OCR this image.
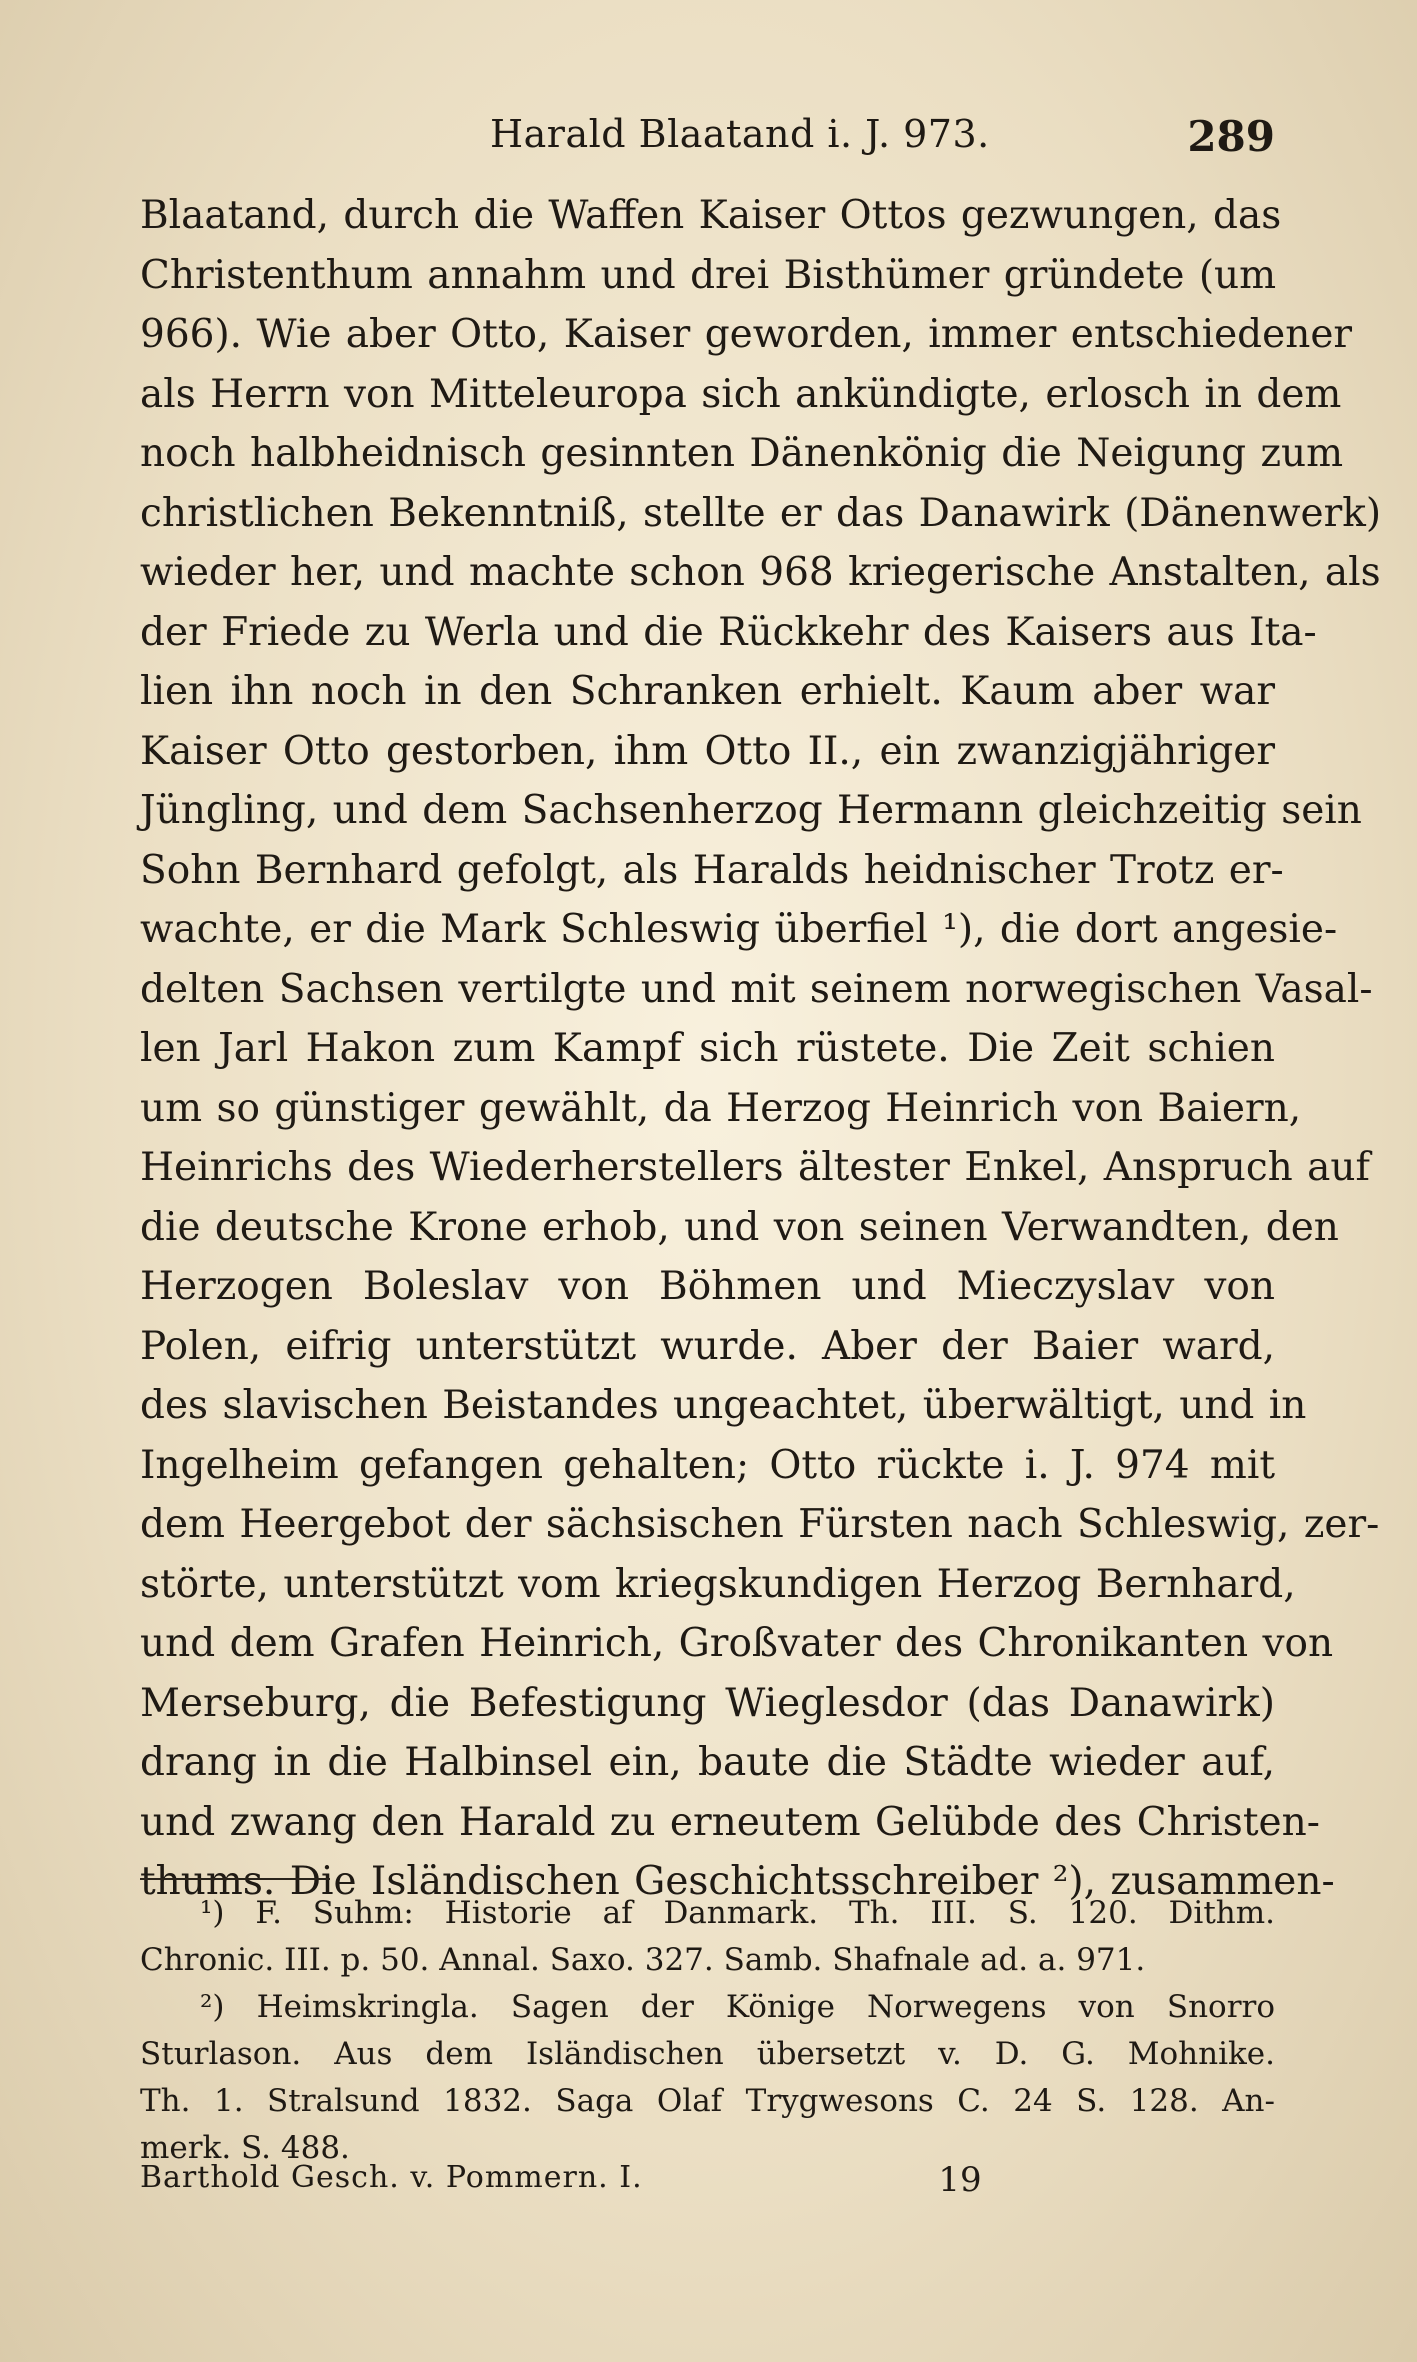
Harald Blaatand i. J. 973.	289
Blaatand, durch die Waffen Kaiser Ottos gezwungen, das
Christenthum annahm und drei Bisthümer gründete (um
966). Wie aber Otto, Kaiser geworden, immer entschiedener
als Herrn von Mitteleuropa sich ankündigte, erlosch in dem
noch halbheidnisch gesinnten Dänenkönig die Neigung zum
christlichen Bekenntniß, stellte er das Danawirk (Dänenwerk)
wieder her, und machte schon 968 kriegerische Anstalten, als
der Friede zu Werla und die Rückkehr des Kaisers aus Ita-
lien ihn noch in den Schranken erhielt. Kaum aber war
Kaiser Otto gestorben, ihm Otto II., ein zwanzigjähriger
Jüngling, und dem Sachsenherzog Hermann gleichzeitig sein
Sohn Bernhard gefolgt, als Haralds heidnischer Trotz er-
wachte, er die Mark Schleswig überfiel ¹), die dort angesie-
delten Sachsen vertilgte und mit seinem norwegischen Vasal-
len Jarl Hakon zum Kampf sich rüstete. Die Zeit schien
um so günstiger gewählt, da Herzog Heinrich von Baiern,
Heinrichs des Wiederherstellers ältester Enkel, Anspruch auf
die deutsche Krone erhob, und von seinen Verwandten, den
Herzogen Boleslav von Böhmen und Mieczyslav von
Polen, eifrig unterstützt wurde. Aber der Baier ward,
des slavischen Beistandes ungeachtet, überwältigt, und in
Ingelheim gefangen gehalten; Otto rückte i. J. 974 mit
dem Heergebot der sächsischen Fürsten nach Schleswig, zer-
störte, unterstützt vom kriegskundigen Herzog Bernhard,
und dem Grafen Heinrich, Großvater des Chronikanten von
Merseburg, die Befestigung Wieglesdor (das Danawirk)
drang in die Halbinsel ein, baute die Städte wieder auf,
und zwang den Harald zu erneutem Gelübde des Christen-
thums. Die Isländischen Geschichtsschreiber ²), zusammen-
¹) F. Suhm: Historie af Danmark. Th. III. S. 120. Dithm.
Chronic. III. p. 50. Annal. Saxo. 327. Samb. Shafnale ad. a. 971.
²) Heimskringla. Sagen der Könige Norwegens von Snorro
Sturlason. Aus dem Isländischen übersetzt v. D. G. Mohnike.
Th. 1. Stralsund 1832. Saga Olaf Trygwesons C. 24 S. 128. An-
merk. S. 488.
Barthold Gesch. v. Pommern. I.	19
